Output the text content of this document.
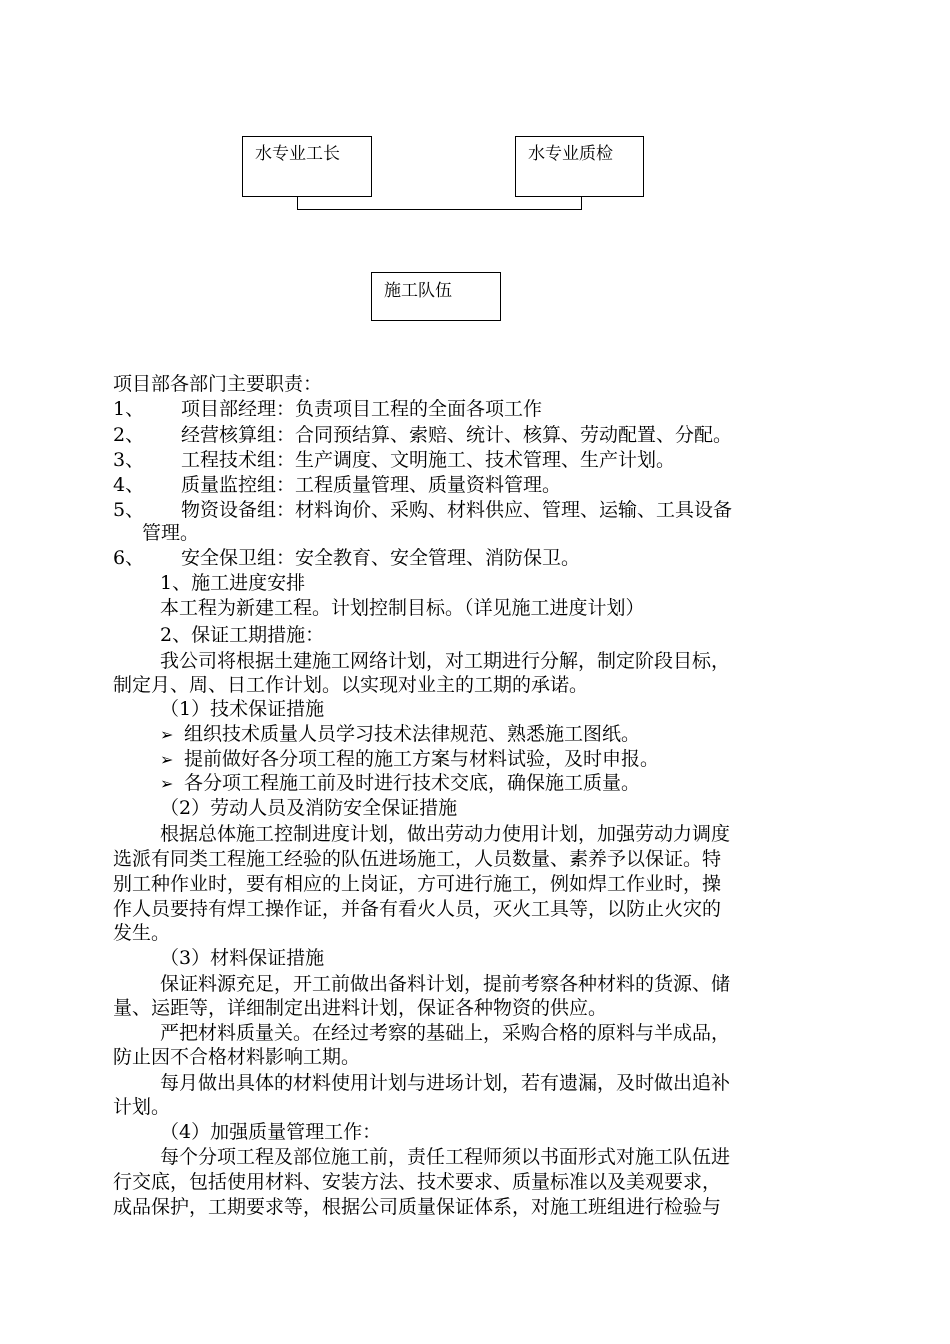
水专业工长	水专业质检
施工队伍
项目部各部门主要职责：
1、 项目部经理：负责项目工程的全面各项工作
2、 经营核算组：合同预结算、索赔、统计、核算、劳动配置、分配。
3、 工程技术组：生产调度、文明施工、技术管理、生产计划。
4、 质量监控组：工程质量管理、质量资料管理。
5、 物资设备组：材料询价、采购、材料供应、管理、运输、工具设备
管理。
6、 安全保卫组：安全教育、安全管理、消防保卫。
1、施工进度安排
本工程为新建工程。计划控制目标。（详见施工进度计划）
2、保证工期措施：
我公司将根据土建施工网络计划，对工期进行分解，制定阶段目标，
制定月、周、日工作计划。以实现对业主的工期的承诺。
（1）技术保证措施
➢ 组织技术质量人员学习技术法律规范、熟悉施工图纸。
➢ 提前做好各分项工程的施工方案与材料试验，及时申报。
➢ 各分项工程施工前及时进行技术交底，确保施工质量。
（2）劳动人员及消防安全保证措施
根据总体施工控制进度计划，做出劳动力使用计划，加强劳动力调度
选派有同类工程施工经验的队伍进场施工，人员数量、素养予以保证。特
别工种作业时，要有相应的上岗证，方可进行施工，例如焊工作业时，操
作人员要持有焊工操作证，并备有看火人员，灭火工具等，以防止火灾的
发生。
（3）材料保证措施
保证料源充足，开工前做出备料计划，提前考察各种材料的货源、储
量、运距等，详细制定出进料计划，保证各种物资的供应。
严把材料质量关。在经过考察的基础上，采购合格的原料与半成品，
防止因不合格材料影响工期。
每月做出具体的材料使用计划与进场计划，若有遗漏，及时做出追补
计划。
（4）加强质量管理工作：
每个分项工程及部位施工前，责任工程师须以书面形式对施工队伍进
行交底，包括使用材料、安装方法、技术要求、质量标准以及美观要求，
成品保护，工期要求等，根据公司质量保证体系，对施工班组进行检验与
